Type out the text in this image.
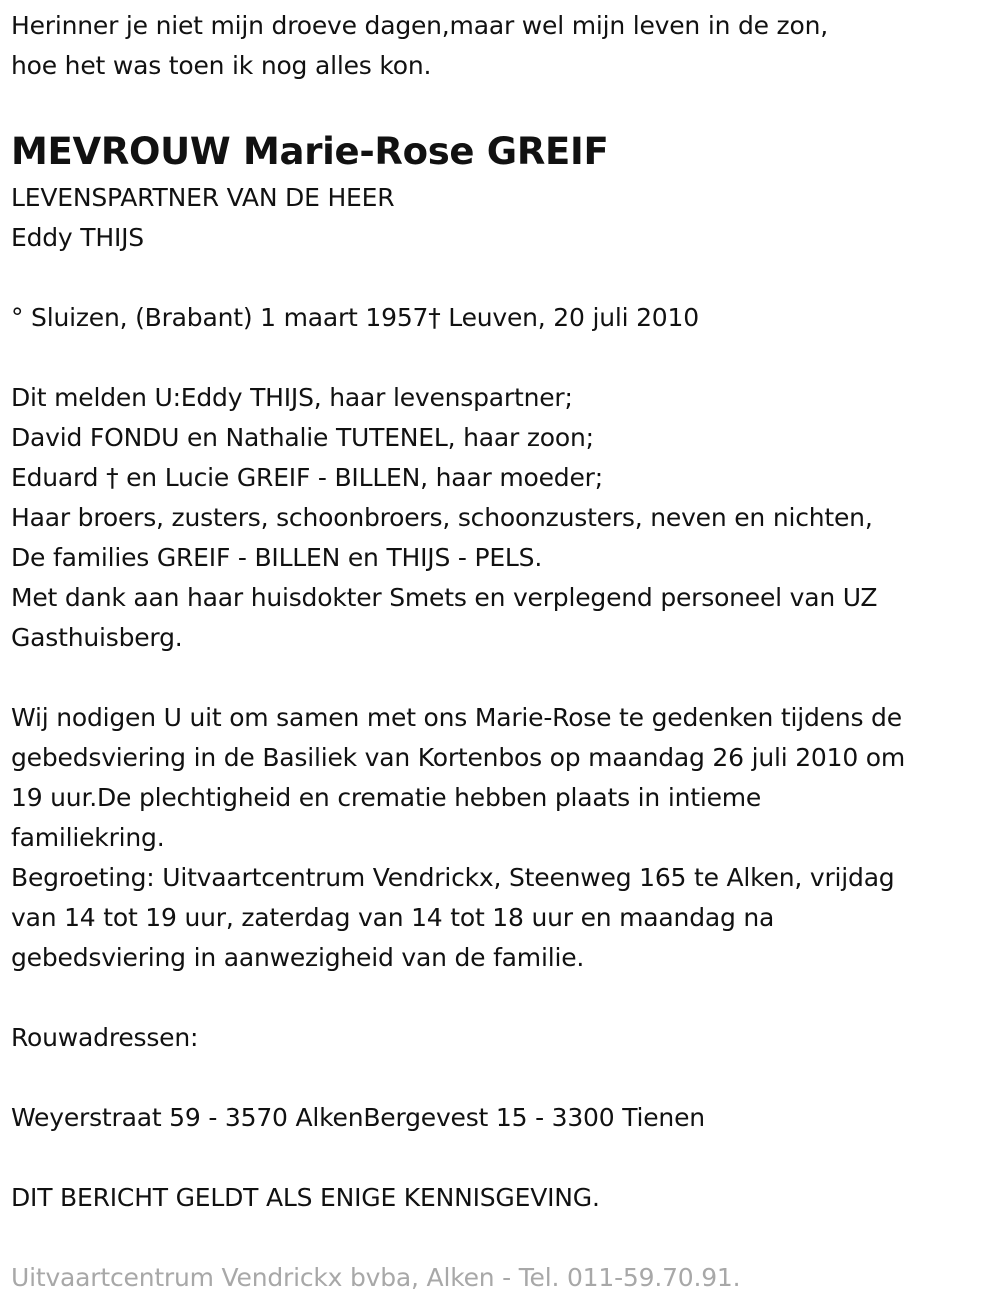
Herinner je niet mijn droeve dagen,maar wel mijn leven in de zon,
hoe het was toen ik nog alles kon.
MEVROUW Marie-Rose GREIF
LEVENSPARTNER VAN DE HEER
Eddy THIJS
° Sluizen, (Brabant) 1 maart 1957† Leuven, 20 juli 2010
Dit melden U:Eddy THIJS, haar levenspartner;
David FONDU en Nathalie TUTENEL, haar zoon;
Eduard † en Lucie GREIF - BILLEN, haar moeder;
Haar broers, zusters, schoonbroers, schoonzusters, neven en nichten,
De families GREIF - BILLEN en THIJS - PELS.
Met dank aan haar huisdokter Smets en verplegend personeel van UZ
Gasthuisberg.
Wij nodigen U uit om samen met ons Marie-Rose te gedenken tijdens de
gebedsviering in de Basiliek van Kortenbos op maandag 26 juli 2010 om
19 uur.De plechtigheid en crematie hebben plaats in intieme
familiekring.
Begroeting: Uitvaartcentrum Vendrickx, Steenweg 165 te Alken, vrijdag
van 14 tot 19 uur, zaterdag van 14 tot 18 uur en maandag na
gebedsviering in aanwezigheid van de familie.
Rouwadressen:
Weyerstraat 59 - 3570 AlkenBergevest 15 - 3300 Tienen
DIT BERICHT GELDT ALS ENIGE KENNISGEVING.
Uitvaartcentrum Vendrickx bvba, Alken - Tel. 011-59.70.91.
